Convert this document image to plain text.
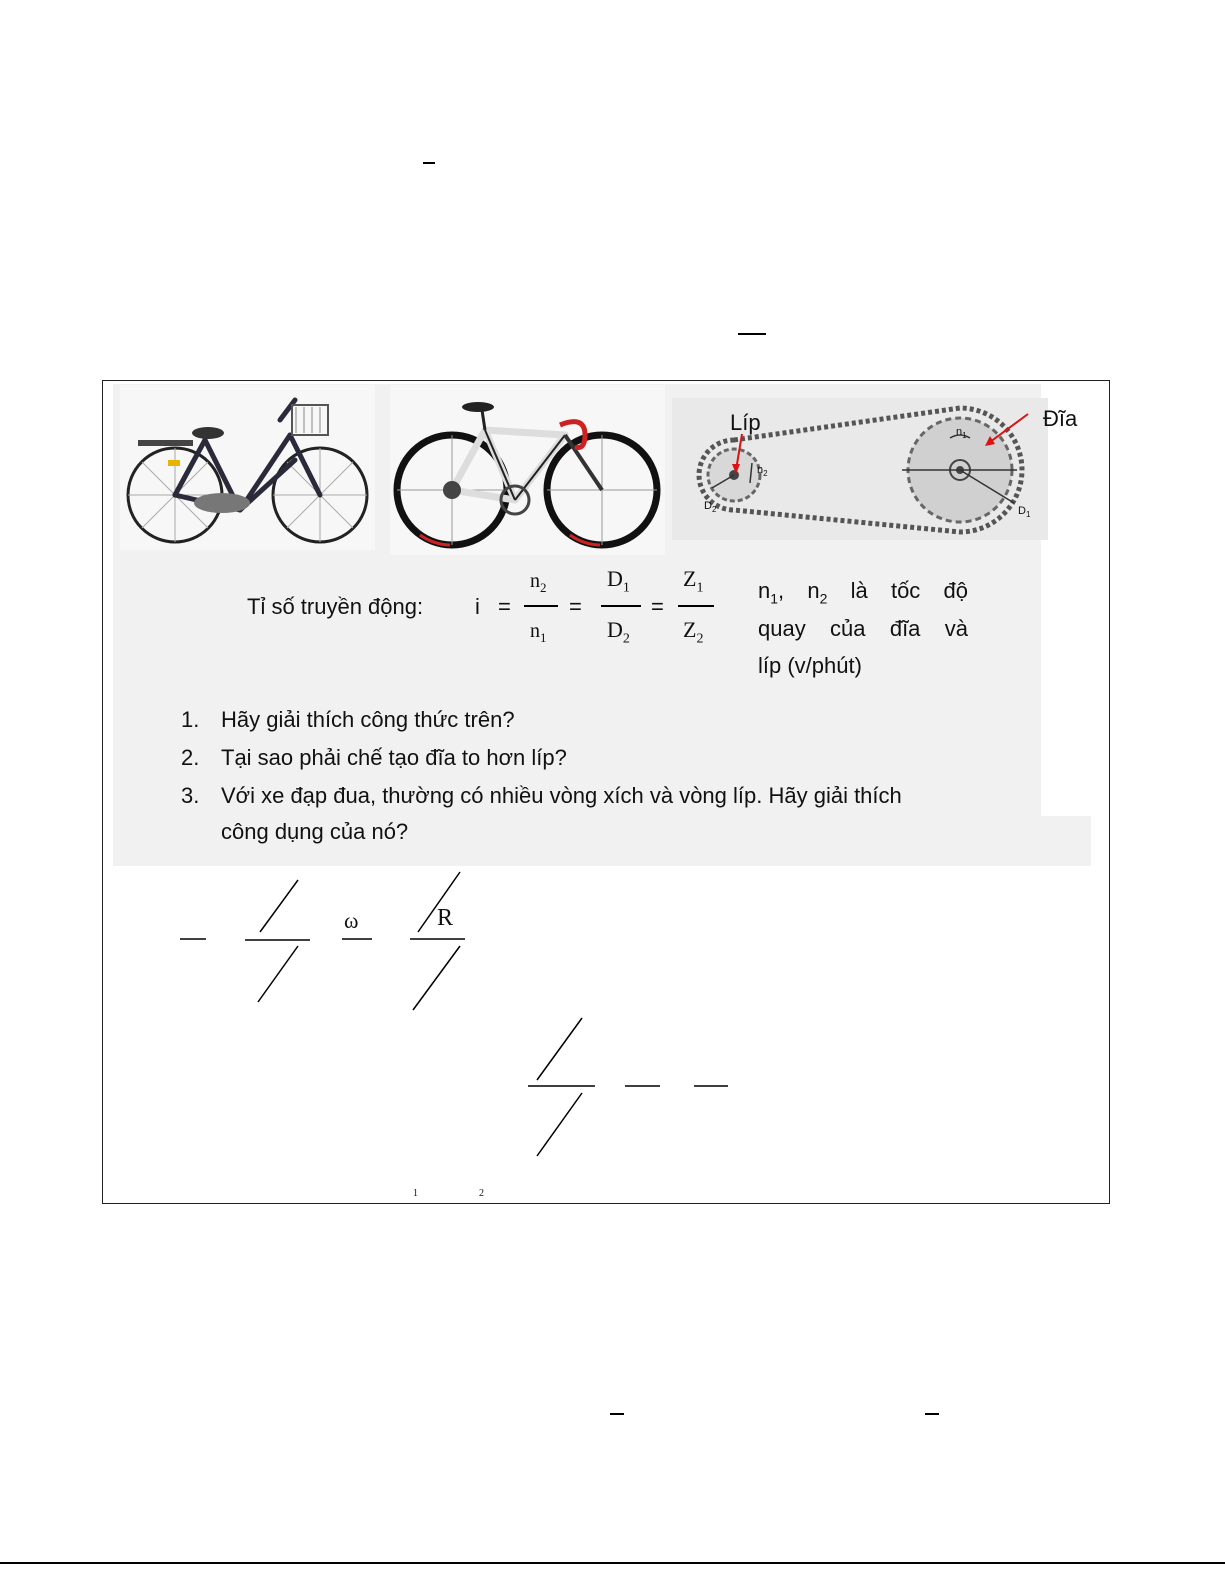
Líp	Đĩa
$n_1$
$n_2$
$D_2$	$D_1$
Tỉ số truyền động: i =
$n_2$
$n_1$
=
$D_1$
$D_2$
=
$Z_1$
$Z_2$
$n_1$, $n_2$ là tốc độ
quay của đĩa và
líp (v/phút)
1. Hãy giải thích công thức trên?
2. Tại sao phải chế tạo đĩa to hơn líp?
3. Với xe đạp đua, thường có nhiều vòng xích và vòng líp. Hãy giải thích
công dụng của nó?
ω	R
1	2
